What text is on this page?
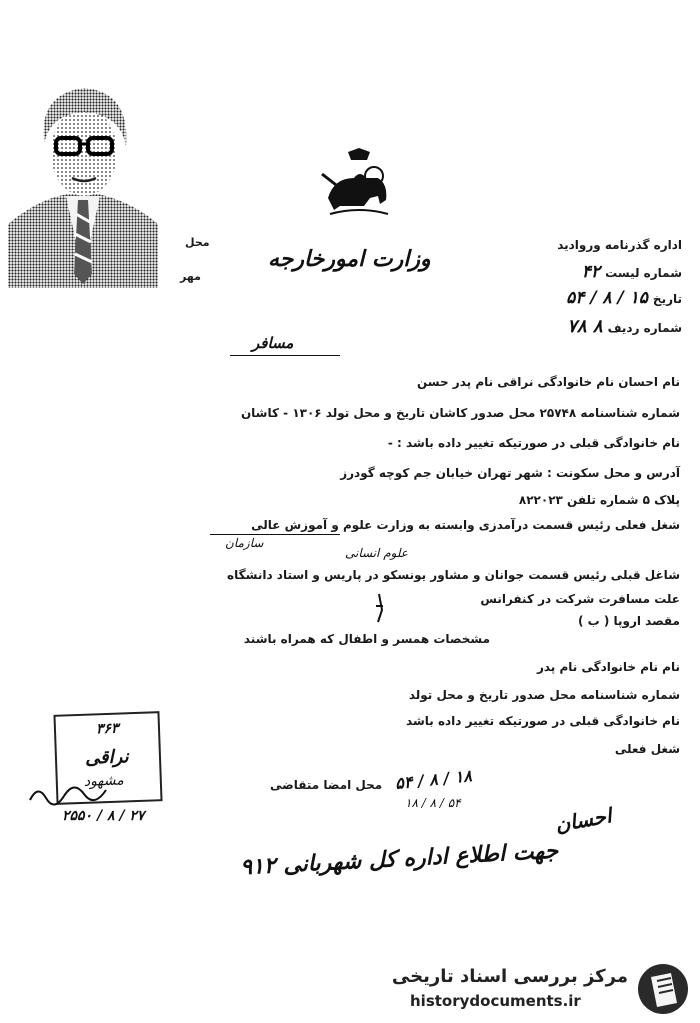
محل
مهر
وزارت امورخارجه
اداره گذرنامه وروادید
شماره لیست ۴۲
تاریخ ۱۵ / ۸ / ۵۴
شماره ردیف ۸ ۷۸
مسافر
نام احسان نام خانوادگی نراقی نام پدر حسن
شماره شناسنامه ۲۵۷۴۸ محل صدور کاشان تاریخ و محل تولد ۱۳۰۶ - کاشان
نام خانوادگی قبلی در صورتیکه تغییر داده باشد : -
آدرس و محل سکونت : شهر تهران خیابان جم کوچه گودرز
پلاک ۵ شماره تلفن ۸۲۲۰۲۳
شغل فعلی رئیس قسمت درآمدزی وابسته به وزارت علوم و آموزش عالی
سازمان
علوم انسانی
شاغل قبلی رئیس قسمت جوانان و مشاور یونسکو در پاریس و استاد دانشگاه
علت مسافرت شرکت در کنفرانس
مقصد اروپا ( ب )
مشخصات همسر و اطفال که همراه باشند
نام نام خانوادگی نام پدر
شماره شناسنامه محل صدور تاریخ و محل تولد
نام خانوادگی قبلی در صورتیکه تغییر داده باشد
شغل فعلی
محل امضا متقاضی ۱۸ / ۸ / ۵۴
۵۴ / ۸ / ۱۸
احسان
۳۶۳
نراقی
مشهود
۲۵۵۰ / ۸ / ۲۷
جهت اطلاع اداره کل شهربانی ۹۱۲
مرکز بررسی اسناد تاریخی
historydocuments.ir
